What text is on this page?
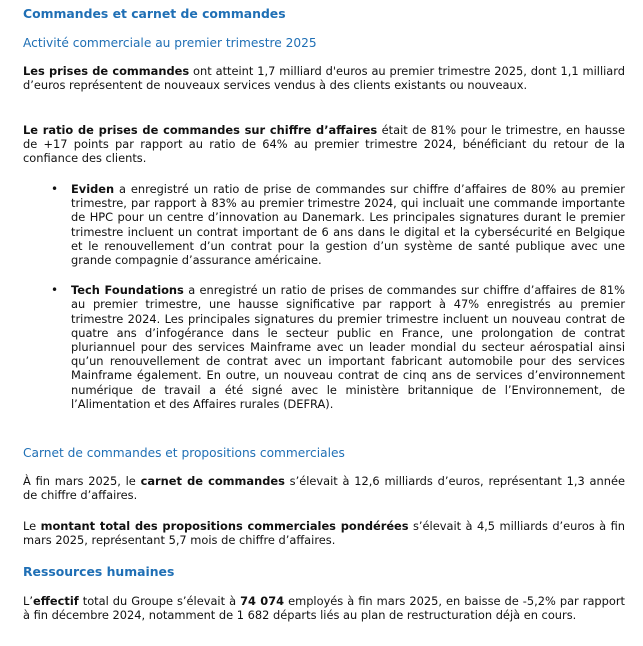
Commandes et carnet de commandes
Activité commerciale au premier trimestre 2025

Les prises de commandes ont atteint 1,7 milliard d'euros au premier trimestre 2025, dont 1,1 milliard d’euros représentent de nouveaux services vendus à des clients existants ou nouveaux.

Le ratio de prises de commandes sur chiffre d’affaires était de 81% pour le trimestre, en hausse de +17 points par rapport au ratio de 64% au premier trimestre 2024, bénéficiant du retour de la confiance des clients.

• Eviden a enregistré un ratio de prise de commandes sur chiffre d’affaires de 80% au premier trimestre, par rapport à 83% au premier trimestre 2024, qui incluait une commande importante de HPC pour un centre d’innovation au Danemark. Les principales signatures durant le premier trimestre incluent un contrat important de 6 ans dans le digital et la cybersécurité en Belgique et le renouvellement d’un contrat pour la gestion d’un système de santé publique avec une grande compagnie d’assurance américaine.
• Tech Foundations a enregistré un ratio de prises de commandes sur chiffre d’affaires de 81% au premier trimestre, une hausse significative par rapport à 47% enregistrés au premier trimestre 2024. Les principales signatures du premier trimestre incluent un nouveau contrat de quatre ans d’infogérance dans le secteur public en France, une prolongation de contrat pluriannuel pour des services Mainframe avec un leader mondial du secteur aérospatial ainsi qu’un renouvellement de contrat avec un important fabricant automobile pour des services Mainframe également. En outre, un nouveau contrat de cinq ans de services d’environnement numérique de travail a été signé avec le ministère britannique de l’Environnement, de l’Alimentation et des Affaires rurales (DEFRA).
Carnet de commandes et propositions commerciales

À fin mars 2025, le carnet de commandes s’élevait à 12,6 milliards d’euros, représentant 1,3 année de chiffre d’affaires.

Le montant total des propositions commerciales pondérées s’élevait à 4,5 milliards d’euros à fin mars 2025, représentant 5,7 mois de chiffre d’affaires.

Ressources humaines

L’effectif total du Groupe s’élevait à 74 074 employés à fin mars 2025, en baisse de -5,2% par rapport à fin décembre 2024, notamment de 1 682 départs liés au plan de restructuration déjà en cours.
